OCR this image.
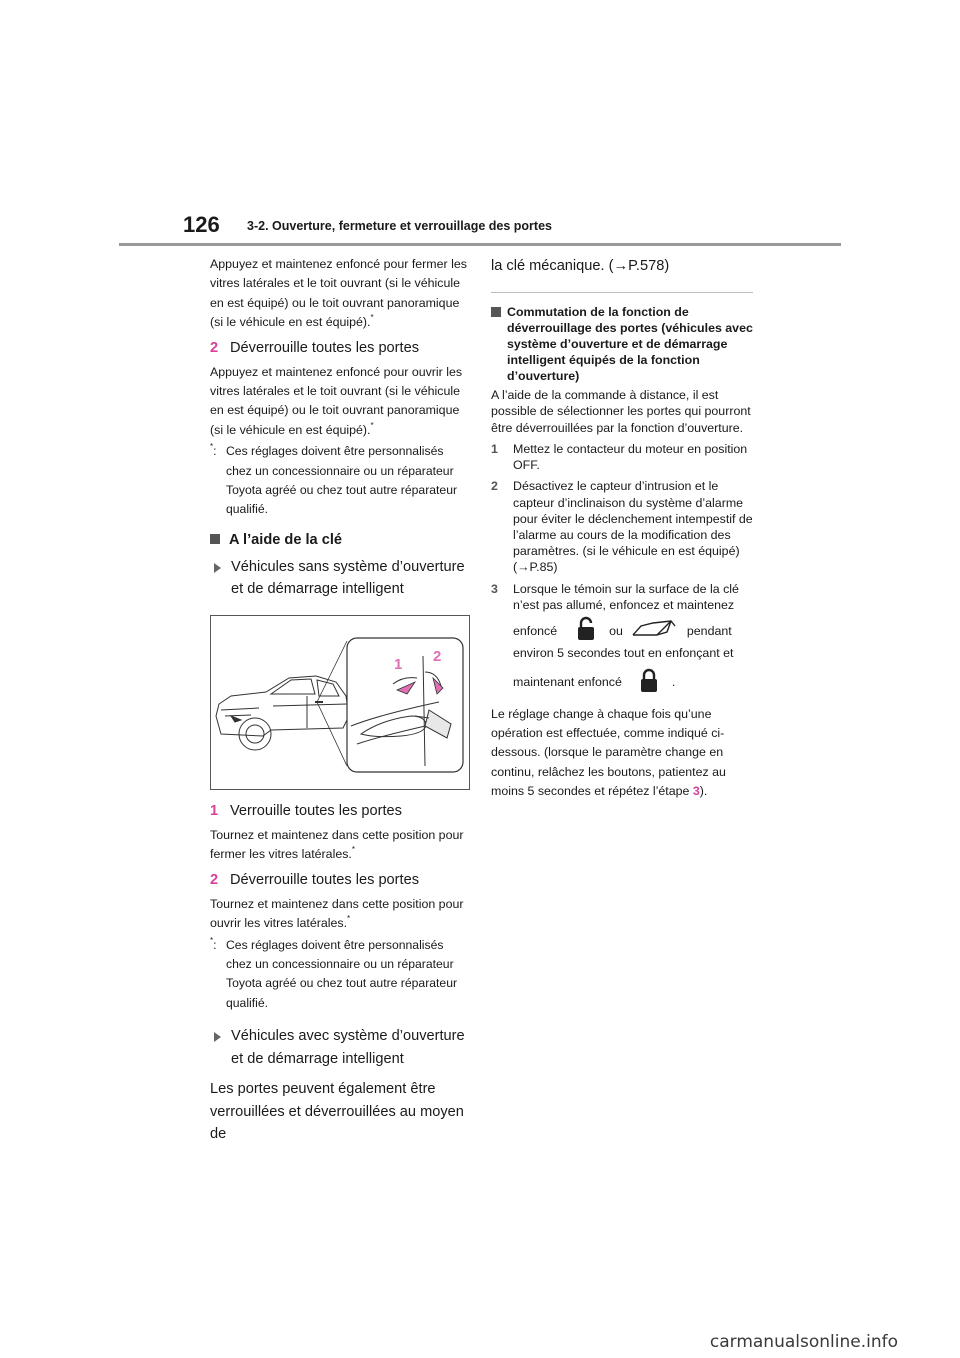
126 3-2. Ouverture, fermeture et verrouillage des portes

Appuyez et maintenez enfoncé pour fermer les vitres latérales et le toit ouvrant (si le véhicule en est équipé) ou le toit ouvrant panoramique (si le véhicule en est équipé).*

2 Déverrouille toutes les portes

Appuyez et maintenez enfoncé pour ouvrir les vitres latérales et le toit ouvrant (si le véhicule en est équipé) ou le toit ouvrant panoramique (si le véhicule en est équipé).*

*: Ces réglages doivent être personnalisés chez un concessionnaire ou un réparateur Toyota agréé ou chez tout autre réparateur qualifié.
A l’aide de la clé
Véhicules sans système d’ouverture et de démarrage intelligent
1 2
1 Verrouille toutes les portes

Tournez et maintenez dans cette position pour fermer les vitres latérales.*

2 Déverrouille toutes les portes

Tournez et maintenez dans cette position pour ouvrir les vitres latérales.*

*: Ces réglages doivent être personnalisés chez un concessionnaire ou un réparateur Toyota agréé ou chez tout autre réparateur qualifié.
Véhicules avec système d’ouverture et de démarrage intelligent

Les portes peuvent également être verrouillées et déverrouillées au moyen de

la clé mécanique. (→P.578)

Commutation de la fonction de déverrouillage des portes (véhicules avec système d’ouverture et de démarrage intelligent équipés de la fonction d’ouverture)

A l’aide de la commande à distance, il est possible de sélectionner les portes qui pourront être déverrouillées par la fonction d’ouverture.

1	Mettez le contacteur du moteur en position OFF.
2	Désactivez le capteur d’intrusion et le capteur d’inclinaison du système d’alarme pour éviter le déclenchement intempestif de l’alarme au cours de la modification des paramètres. (si le véhicule en est équipé) (→P.85)
3	Lorsque le témoin sur la surface de la clé n’est pas allumé, enfoncez et maintenez
enfoncé	ou	pendant

environ 5 secondes tout en enfonçant et

maintenant enfoncé	.

Le réglage change à chaque fois qu’une opération est effectuée, comme indiqué ci-dessous. (lorsque le paramètre change en continu, relâchez les boutons, patientez au moins 5 secondes et répétez l’étape 3).

carmanualsonline.info
